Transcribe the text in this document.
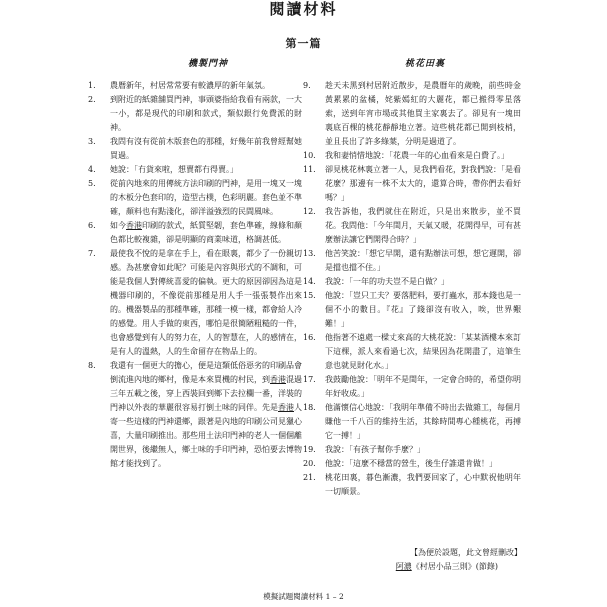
閱讀材料
第一篇
機製門神
1.	農曆新年，村居常常要有較濃厚的新年氣氛。
2.	到附近的紙雜舖買門神，事頭婆指給我看有兩款，一大一小，都是現代的印刷和款式，類似銀行免費派的財神。
3.	我問有沒有從前木版套色的那種，好幾年前我曾經幫她買過。
4.	她說：「冇貨來啦，想賣都冇得賣。」
5.	從前內地來的用傳統方法印刷的門神，是用一塊又一塊的木板分色套印的，造型古樸，色彩明麗。套色並不準確，顏料也有點淺化，卻洋溢強烈的民間風味。
6.	如今香港印刷的款式，紙質堅韌，套色準確，線條和顏色都比較複雜，卻是明顯的商業味道，格調甚低。
7.	最使我不悅的是拿在手上，看在眼裏，都少了一份親切感。為甚麼會如此呢？可能是內容與形式的不調和，可能是我個人對傳統喜愛的偏執。更大的原因卻因為這是機器印刷的，不像從前那種是用人手一張張製作出來的。機器製品的那種準確，那種一模一樣，都會給人冷的感覺。用人手做的東西，哪怕是很簡陋粗糙的一件，也會感覺到有人的努力在，人的智慧在，人的感情在，是有人的溫熱，人的生命留存在物品上的。
8.	我還有一個更大的擔心，便是這類低俗惡劣的印刷品會倒流進內地的鄉村，像是本來買機的村民，到香港混過三年五載之後，穿上西裝回到鄉下去拉欄一番，洋裝的門神以外表的華麗很容易打倒土味的同伴。先是香港人寄一些這樣的門神還鄉，跟著是內地的印刷公司見獵心喜，大量印刷推出。那些用土法印門神的老人一個個離開世界，後繼無人，鄉土味的手印門神，恐怕要去博物館才能找到了。
桃花田裏
9.	趁天未黑到村居附近散步，是農曆年的歲晚，前些時金黃累累的盆橘，姹紫嫣紅的大麗花，都已搬得零星落索，送到年宵市場或其他買主家裏去了。卻見有一塊田裏底百棵的桃花靜靜地立著。這些桃花都已開到枝梢，並且長出了許多綠葉，分明是過道了。
10.	我和妻悄惜地說：「花農一年的心血看來是白費了。」
11.	卻見桃花林裏立著一人，見我們看花，對我們說：「是看花麼？那邊有一株不太大的，還算合時，帶你們去看好嗎？」
12.	我告訴他，我們就住在附近，只是出來散步，並不買花。我問他：「今年閏月，天氣又暖，花開得早，可有甚麼辦法讓它們開得合時？」
13.	他苦笑說：「想它早開，還有點辦法可想，想它遲開，卻是擋也擋不住。」
14.	我說：「一年的功夫豈不是白做？」
15.	他說：「豈只工夫？要落肥料，要打蟲水，那本錢也是一個不小的數目。『花』了錢卻沒有收入，唉，世界艱難！」
16.	他指著不遠處一樑丈來高的大桃花說：「某某酒樓本來訂下這棵，派人來看過七次，結果因為花開盡了，這筆生意也就見財化水。」
17.	我鼓勵他說：「明年不是閏年，一定會合時的，希望你明年好收成。」
18.	他滿懷信心地說：「我明年準備不時出去做雜工，每個月賺他一千八百的維持生活，其餘時間專心種桃花，再搏它一搏！」
19.	我說：「有孩子幫你手麼？」
20.	他說：「這麼不穩當的營生，後生仔誰還肯做！」
21.	桃花田裏，暮色漸濃，我們要回家了，心中默祝他明年一切順景。
【為便於設題，此文曾經刪改】
阿濃《村居小品三則》(節錄)
模擬試題閱讀材料 1 – 2
